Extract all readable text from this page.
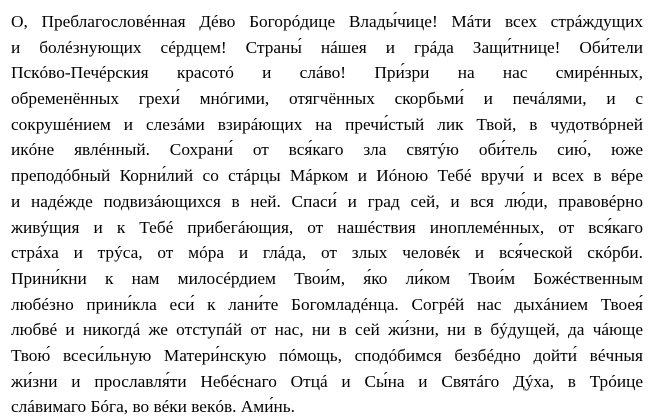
О, Преблагословéнная Дéво Богорóдице Влады́чице! Мáти всех стрáждущих
и болéзнующих сéрдцем! Страны́ нáшея и грáда Защи́тнице! Оби́тели
Пскóво-Печéрския красотó и слáво! При́зри на нас смирéнных,
обременённых грехи́ мнóгими, отягчённых скорбьми́ и печáлями, и с
сокрушéнием и слезáми взирáющих на пречи́стый лик Твой, в чудотвóрней
икóне явлéнный. Сохрани́ от вся́каго зла святýю оби́тель сию́, юже
преподóбный Корни́лий со стáрцы Мáрком и Иóною Тебé вручи́ и всех в вéре
и надéжде подвизáющихся в ней. Спаси́ и град сей, и вся лю́ди, правовéрно
живýщия и к Тебé прибегáющия, от нашéствия иноплемéнных, от вся́каго
стрáха и трýса, от мóра и глáда, от злых человéк и вся́ческой скóрби.
Прини́кни к нам милосéрдием Твои́м, я́ко ли́ком Твои́м Божéственным
любéзно прини́кла еси́ к лани́те Богомладéнца. Согрéй нас дыхáнием Твоея́
любвé и никогдá же отступáй от нас, ни в сей жи́зни, ни в бýдущей, да чáюще
Твою́ всеси́льную Матери́нскую пóмощь, сподóбимся безбéдно дойти́ вéчныя
жи́зни и прославля́ти Небéснаго Отцá и Сы́на и Святáго Дýха, в Трóице
слáвимаго Бóга, во вéки векóв. Ами́нь.
